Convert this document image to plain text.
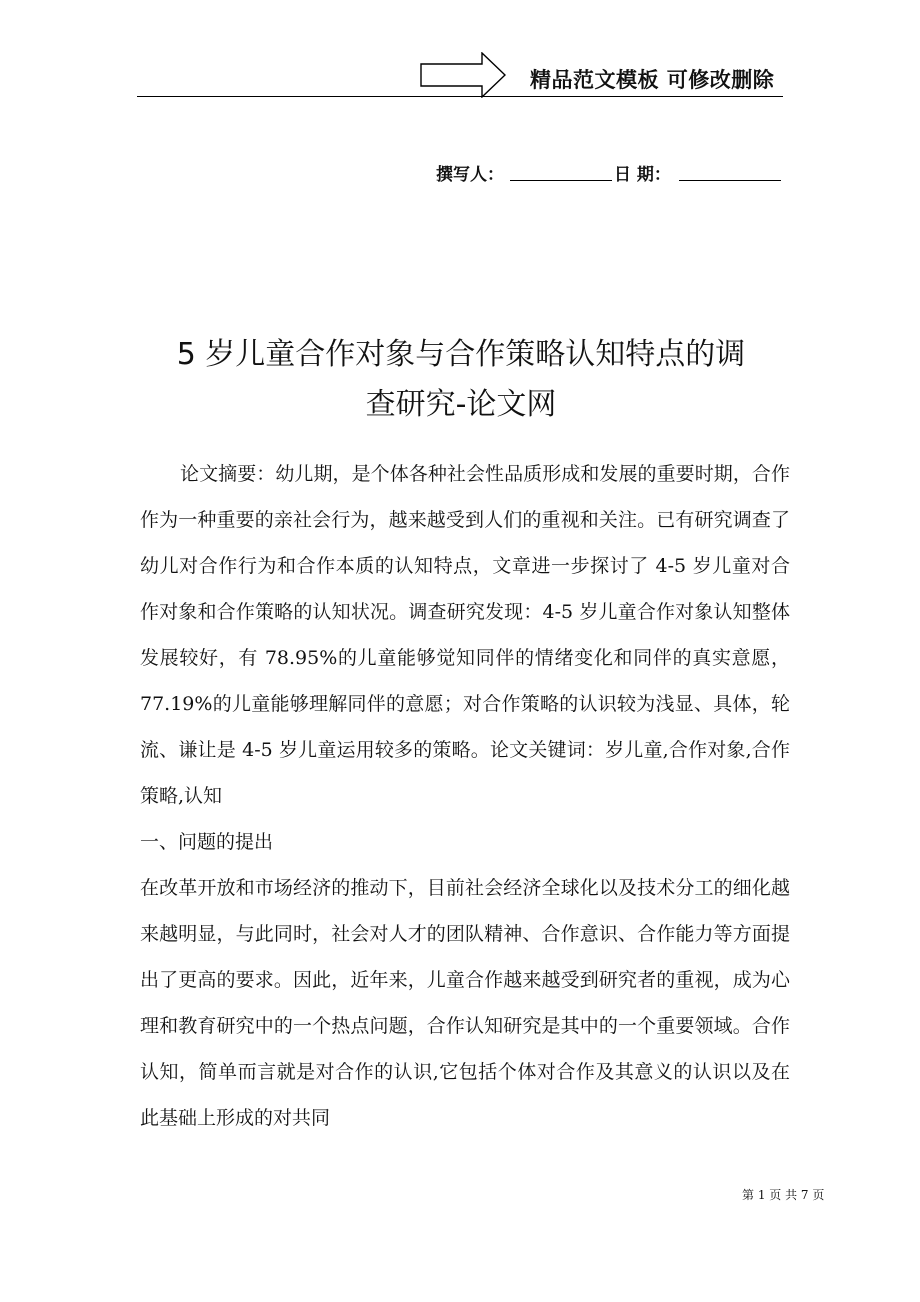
精品范文模板 可修改删除
撰写人：	日 期：
5 岁儿童合作对象与合作策略认知特点的调
查研究-论文网

论文摘要：幼儿期，是个体各种社会性品质形成和发展的重要时期，合作作为一种重要的亲社会行为，越来越受到人们的重视和关注。已有研究调查了幼儿对合作行为和合作本质的认知特点，文章进一步探讨了 4-5 岁儿童对合作对象和合作策略的认知状况。调查研究发现：4-5 岁儿童合作对象认知整体发展较好，有 78.95%的儿童能够觉知同伴的情绪变化和同伴的真实意愿，77.19%的儿童能够理解同伴的意愿；对合作策略的认识较为浅显、具体，轮流、谦让是 4-5 岁儿童运用较多的策略。论文关键词：岁儿童,合作对象,合作策略,认知

一、问题的提出

在改革开放和市场经济的推动下，目前社会经济全球化以及技术分工的细化越来越明显，与此同时，社会对人才的团队精神、合作意识、合作能力等方面提出了更高的要求。因此，近年来，儿童合作越来越受到研究者的重视，成为心理和教育研究中的一个热点问题，合作认知研究是其中的一个重要领域。合作认知，简单而言就是对合作的认识,它包括个体对合作及其意义的认识以及在此基础上形成的对共同

第 1 页 共 7 页
